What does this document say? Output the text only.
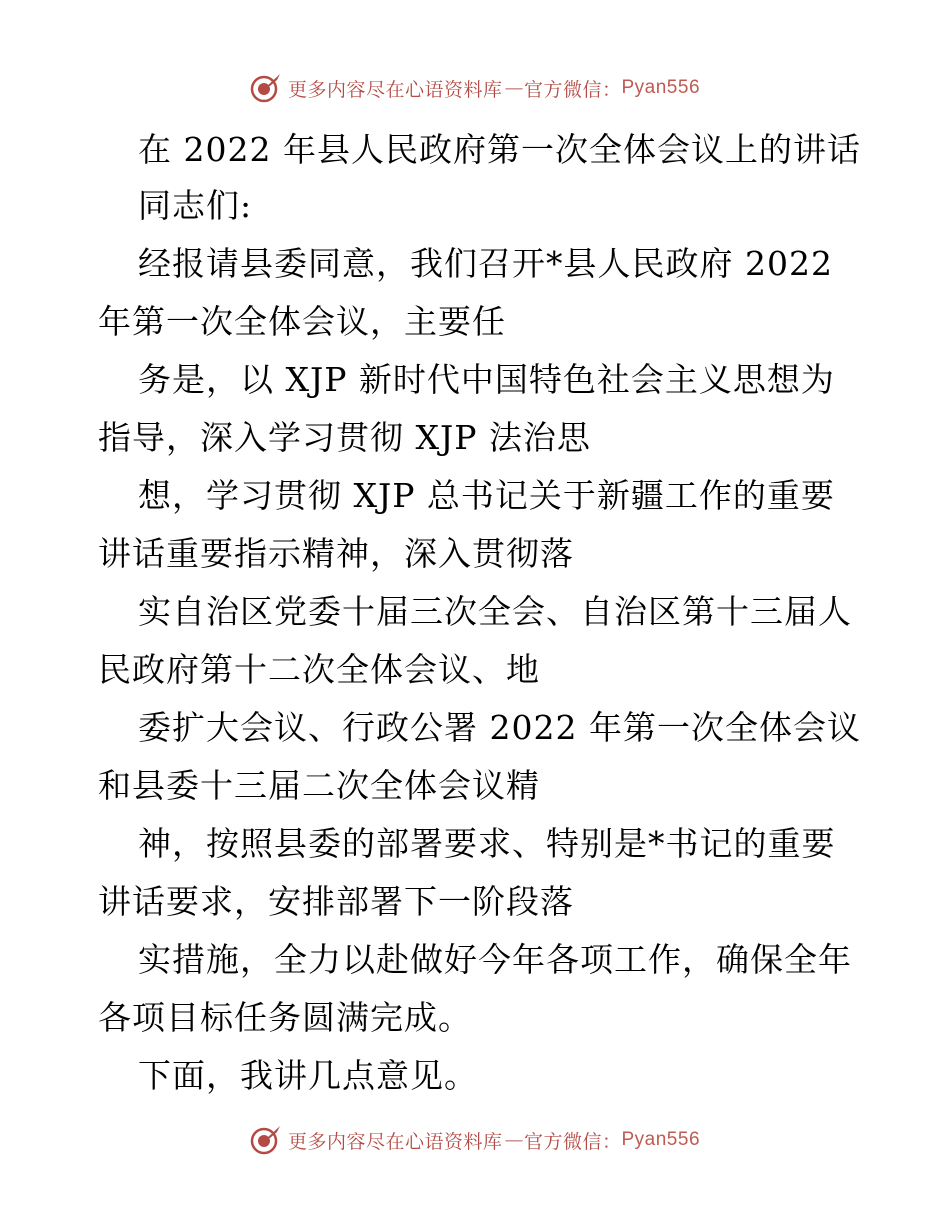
更多内容尽在心语资料库 — 官方微信： Pyan556
在 2022 年县人民政府第一次全体会议上的讲话
同志们:
经报请县委同意，我们召开*县人民政府 2022
年第一次全体会议，主要任
务是，以 XJP 新时代中国特色社会主义思想为
指导，深入学习贯彻 XJP 法治思
想，学习贯彻 XJP 总书记关于新疆工作的重要
讲话重要指示精神，深入贯彻落
实自治区党委十届三次全会、自治区第十三届人
民政府第十二次全体会议、地
委扩大会议、行政公署 2022 年第一次全体会议
和县委十三届二次全体会议精
神，按照县委的部署要求、特别是*书记的重要
讲话要求，安排部署下一阶段落
实措施，全力以赴做好今年各项工作，确保全年
各项目标任务圆满完成。
下面，我讲几点意见。
更多内容尽在心语资料库 — 官方微信： Pyan556
